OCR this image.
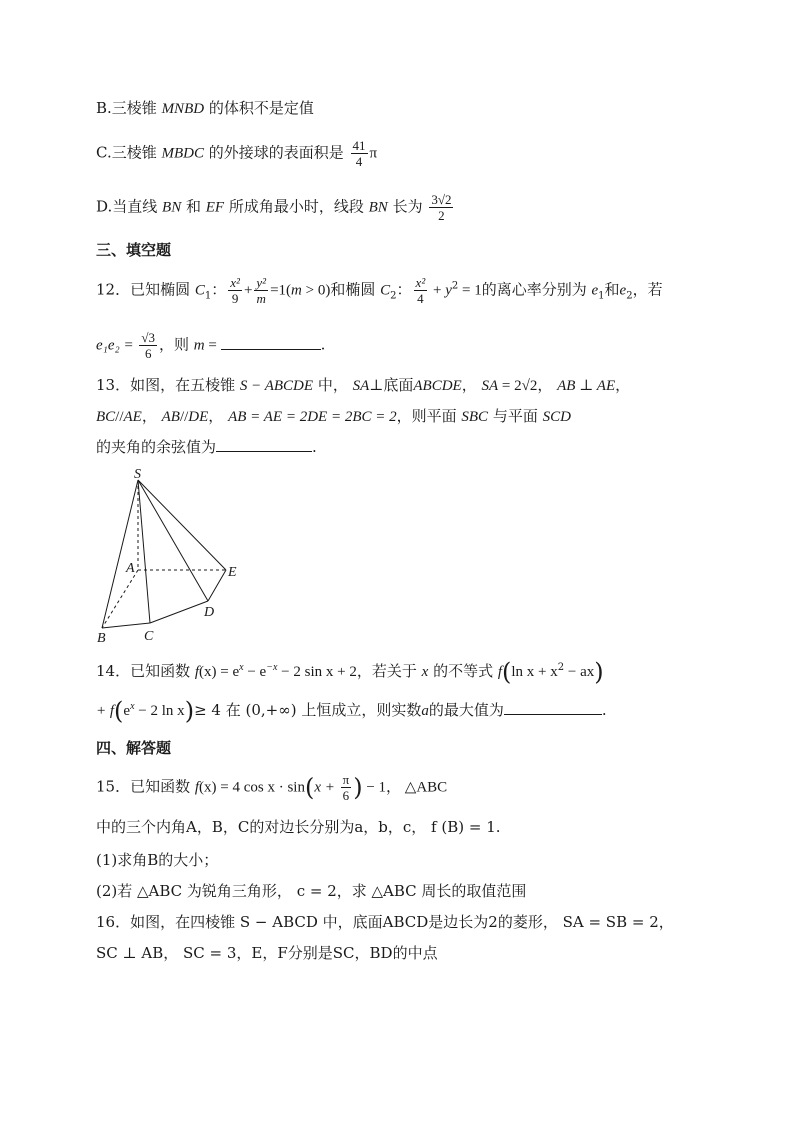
B.三棱锥 MNBD 的体积不是定值
C.三棱锥 MBDC 的外接球的表面积是 $\frac{41}{4}$ π
D.当直线 BN 和 EF 所成角最小时，线段 BN 长为 $\frac{3√2}{2}$
三、填空题
12．已知椭圆 $C_1$： $\frac{\text{x²}}{9} + \frac{\text{y²}}{m} =1(m > 0)$和椭圆 $C_2$： $\frac{\text{x²}}{4} + y^2 = 1$的离心率分别为 $e_1$和$e_2$，若
$e_1e_2 = \frac{√3}{6}$ ，则 m =	.
13．如图，在五棱锥 S − ABCDE 中， SA⊥底面ABCDE， SA = 2√2， AB ⊥ AE，
BC//AE， AB//DE， AB = AE = 2DE = 2BC = 2，则平面 SBC 与平面 SCD
的夹角的余弦值为	.
S
A	E
D
B	C
14．已知函数 $f(x) = e^x - e^{-x} - 2$ sin x + 2，若关于 x 的不等式 f(ln $x + x^2 - ax$)
+ $f(e^x - 2$ ln x)≥ 4 在 (0,+∞) 上恒成立，则实数a的最大值为	.
四、解答题
15．已知函数 f(x) = 4 $\cos x \cdot \sin(x + \frac{\pi}{6}$ ) − 1， △ABC
中的三个内角A，B，C的对边长分别为a，b，c， f (B) = 1.
(1)求角B的大小；
(2)若 △ABC 为锐角三角形， c = 2，求 △ABC 周长的取值范围
16．如图，在四棱锥 S − ABCD 中，底面ABCD是边长为2的菱形， SA = SB = 2，
SC ⊥ AB， SC = 3，E，F分别是SC，BD的中点
